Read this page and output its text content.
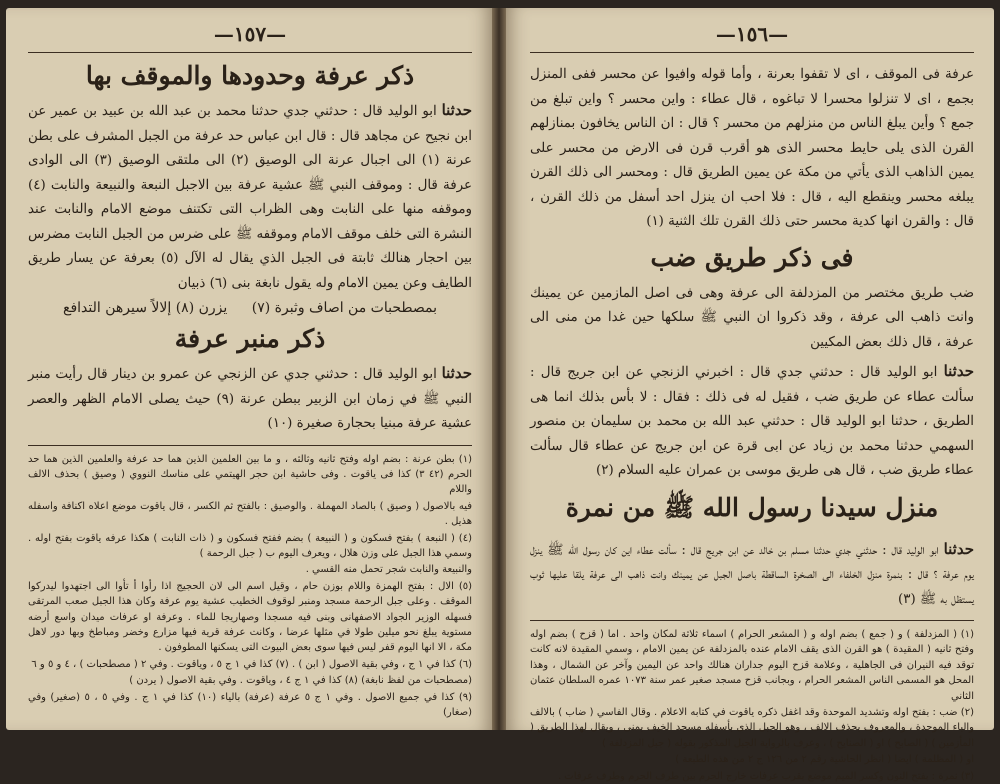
—١٥٧—
ذكر عرفة وحدودها والموقف بها

حدثنا ابو الوليد قال : حدثني جدي حدثنا محمد بن عبد الله بن عبيد بن عمير عن ابن نجيح عن مجاهد قال : قال ابن عباس حد عرفة من الجبل المشرف على بطن عرنة (١) الى اجبال عرنة الى الوصيق (٢) الى ملتقى الوصيق (٣) الى الوادى عرفة قال : وموقف النبي ﷺ عشية عرفة بين الاجبل النبعة والنبيعة والنابت (٤) وموقفه منها على النابت وهى الظراب التى تكتنف موضع الامام والنابت عند النشرة التى خلف موقف الامام وموقفه ﷺ على ضرس من الجبل النابت مضرس بين احجار هنالك ثابتة فى الجبل الذي يقال له الآل (٥) بعرفة عن يسار طريق الطايف وعن يمين الامام وله يقول نابغة بنى (٦) ذبيان

بمصطحبات من اصاف وثبرة (٧) يزرن (٨) إلالاً سيرهن التدافع
ذكر منبر عرفة

حدثنا ابو الوليد قال : حدثني جدي عن الزنجي عن عمرو بن دينار قال رأيت منبر النبي ﷺ في زمان ابن الزبير ببطن عرنة (٩) حيث يصلى الامام الظهر والعصر عشية عرفة مبنيا بحجارة صغيرة (١٠)

(١) بطن عرنة : بضم اوله وفتح ثانيه وثالثه ، و ما بين العلمين الذين هما حد عرفة والعلمين الذين هما حد الحرم (٤٢ ٣) كذا فى ياقوت . وفى حاشية ابن حجر الهيتمي على مناسك النووي ( وصيق ) بحذف الالف واللام

فيه بالاصول ( وصيق ) بالصاد المهملة . والوصيق : بالفتح ثم الكسر ، قال ياقوت موضع اعلاه اكنافة واسفله هذيل .

(٤) ( النبعة ) بفتح فسكون و ( النبيعة ) بضم ففتح فسكون و ( ذات النابت ) هكذا عرفه ياقوت بفتح اوله . وسمي هذا الجبل على وزن هلال ، ويعرف اليوم ب ( جبل الرحمة )

والنبيعة والنابت شجر تحمل منه القسي .

(٥) الال : بفتح الهمزة واللام بوزن حام ، وقيل اسم الى لان الحجيج اذا رأوا أ تأوا الى اجتهدوا ليدركوا الموقف . وعلى جبل الرحمة مسجد ومنبر لوقوف الخطيب عشية يوم عرفة وكان هذا الجبل صعب المرتقى فسهله الوزير الجواد الاصفهانى وبنى فيه مسجدا وصهاريجا للماء . وعرفة او عرفات ميدان واسع أرضه مستوية يبلغ نحو ميلين طولا في مثلها عرضا ، وكانت عرفة قرية فيها مزارع وخضر ومباطخ وبها دور لاهل مكة ، الا انها اليوم قفر ليس فيها سوى بعض البيوت التى يسكنها المطوفون .

(٦) كذا في ١ ج ، وفي بقية الاصول ( ابن ) . (٧) كذا في ١ ج ٥ ، وياقوت . وفي ٢ ( مصطحبات ) ، ٤ و ٥ و ٦

(مصطحبات من لفظ نابغة) (٨) كذا في ١ ج ٤ ، وياقوت . وفي بقية الاصول ( يردن )

(٩) كذا في جميع الاصول . وفي ١ ج ٥ عرفة (عرفة) بالياء (١٠) كذا في ١ ج . وفي ٥ ، ٥ (صغير) وفي (صغار)

—١٥٦—

عرفة فى الموقف ، اى لا تقفوا بعرنة ، وأما قوله وافيوا عن محسر ففى المنزل بجمع ، اى لا تنزلوا محسرا لا تباغوه ، قال عطاء : واين محسر ؟ واين تبلغ من جمع ؟ وأين يبلغ الناس من منزلهم من محسر ؟ قال : ان الناس يخافون بمنازلهم القرن الذى يلى حايط محسر الذى هو أقرب قرن فى الارض من محسر على يمين الذاهب الذى يأتي من مكة عن يمين الطريق قال : ومحسر الى ذلك القرن يبلغه محسر وينقطع اليه ، قال : فلا احب ان ينزل احد أسفل من ذلك القرن ، قال : والقرن انها كدية محسر حتى ذلك القرن تلك الثنية (١)

فى ذكر طريق ضب

ضب طريق مختصر من المزدلفة الى عرفة وهى فى اصل المازمين عن يمينك وانت ذاهب الى عرفة ، وقد ذكروا ان النبي ﷺ سلكها حين غدا من منى الى عرفة ، قال ذلك بعض المكيين

حدثنا ابو الوليد قال : حدثني جدي قال : اخبرني الزنجي عن ابن جريج قال : سألت عطاء عن طريق ضب ، فقيل له فى ذلك : فقال : لا بأس بذلك انما هى الطريق ، حدثنا ابو الوليد قال : حدثني عبد الله بن محمد بن سليمان بن منصور السهمي حدثنا محمد بن زياد عن ابى قرة عن ابن جريج عن عطاء قال سألت عطاء طريق ضب ، قال هى طريق موسى بن عمران عليه السلام (٢)

منزل سيدنا رسول الله ﷺ من نمرة

حدثنا ابو الوليد قال : حدثني جدي حدثنا مسلم بن خالد عن ابن جريج قال : سألت عطاء اين كان رسول الله ﷺ ينزل يوم عرفة ؟ قال : بنمرة منزل الخلفاء الى الصخرة الساقطة باصل الجبل عن يمينك وانت ذاهب الى عرفة يلقا عليها ثوب يستظل به ﷺ (٣)

(١) ( المزدلفة ) و ( جمع ) بضم اوله و ( المشعر الحرام ) اسماء ثلاثة لمكان واحد . اما ( قزح ) بضم اوله وفتح ثانيه ( المقيدة ) هو القرن الذى يقف الامام عنده بالمزدلفة عن يمين الامام ، وسمي المقيدة لانه كانت توقد فيه النيران فى الجاهلية ، وعلامة قزح اليوم جداران هنالك واحد عن اليمين وآخر عن الشمال ، وهذا المحل هو المسمى الناس المشعر الحرام ، وبجانب قزح مسجد صغير عمر سنة ١٠٧٣ عمره السلطان عثمان الثاني

(٢) ضب : بفتح اوله وتشديد الموحدة وقد اغفل ذكره ياقوت في كتابه الاعلام . وقال الفاسي ( ضاب ) بالالف والباء الموحدة ، والمعروف بحذف الالف ، وهو الجبل الذى بأسفله مسجد الخيف بمنى ، ويقال لهذا الطريق ( المأزمين ) ( الصابح ) او ( الصنايح ) ، وعرف بالرواية الجبل المذكور بقوله ( جبل المزدلفة )

او ( المظلمة ) ايضا ( انظر الحاشية رقم ٢ من ١٢٦ ج ٢ من هذه الطبعة )

(٣) نمرة : بفتح النون وكسر الميم موضع بقرب عرفات خارج الحرم بين طرف الحرم وطرف عرفات .
